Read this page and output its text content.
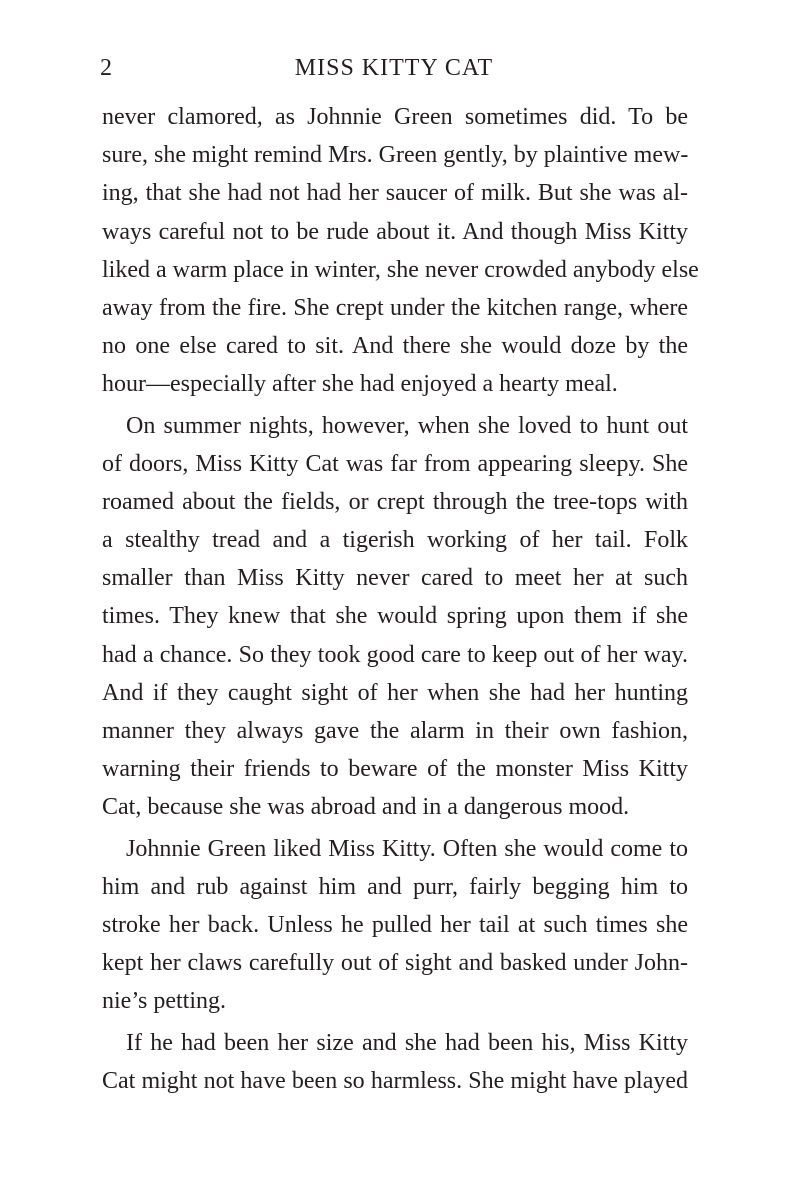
2	MISS KITTY CAT
never clamored, as Johnnie Green sometimes did. To be
sure, she might remind Mrs. Green gently, by plaintive mew-
ing, that she had not had her saucer of milk. But she was al-
ways careful not to be rude about it. And though Miss Kitty
liked a warm place in winter, she never crowded anybody else
away from the fire. She crept under the kitchen range, where
no one else cared to sit. And there she would doze by the
hour—especially after she had enjoyed a hearty meal.
On summer nights, however, when she loved to hunt out
of doors, Miss Kitty Cat was far from appearing sleepy. She
roamed about the fields, or crept through the tree-tops with
a stealthy tread and a tigerish working of her tail. Folk
smaller than Miss Kitty never cared to meet her at such
times. They knew that she would spring upon them if she
had a chance. So they took good care to keep out of her way.
And if they caught sight of her when she had her hunting
manner they always gave the alarm in their own fashion,
warning their friends to beware of the monster Miss Kitty
Cat, because she was abroad and in a dangerous mood.
Johnnie Green liked Miss Kitty. Often she would come to
him and rub against him and purr, fairly begging him to
stroke her back. Unless he pulled her tail at such times she
kept her claws carefully out of sight and basked under John-
nie’s petting.
If he had been her size and she had been his, Miss Kitty
Cat might not have been so harmless. She might have played
